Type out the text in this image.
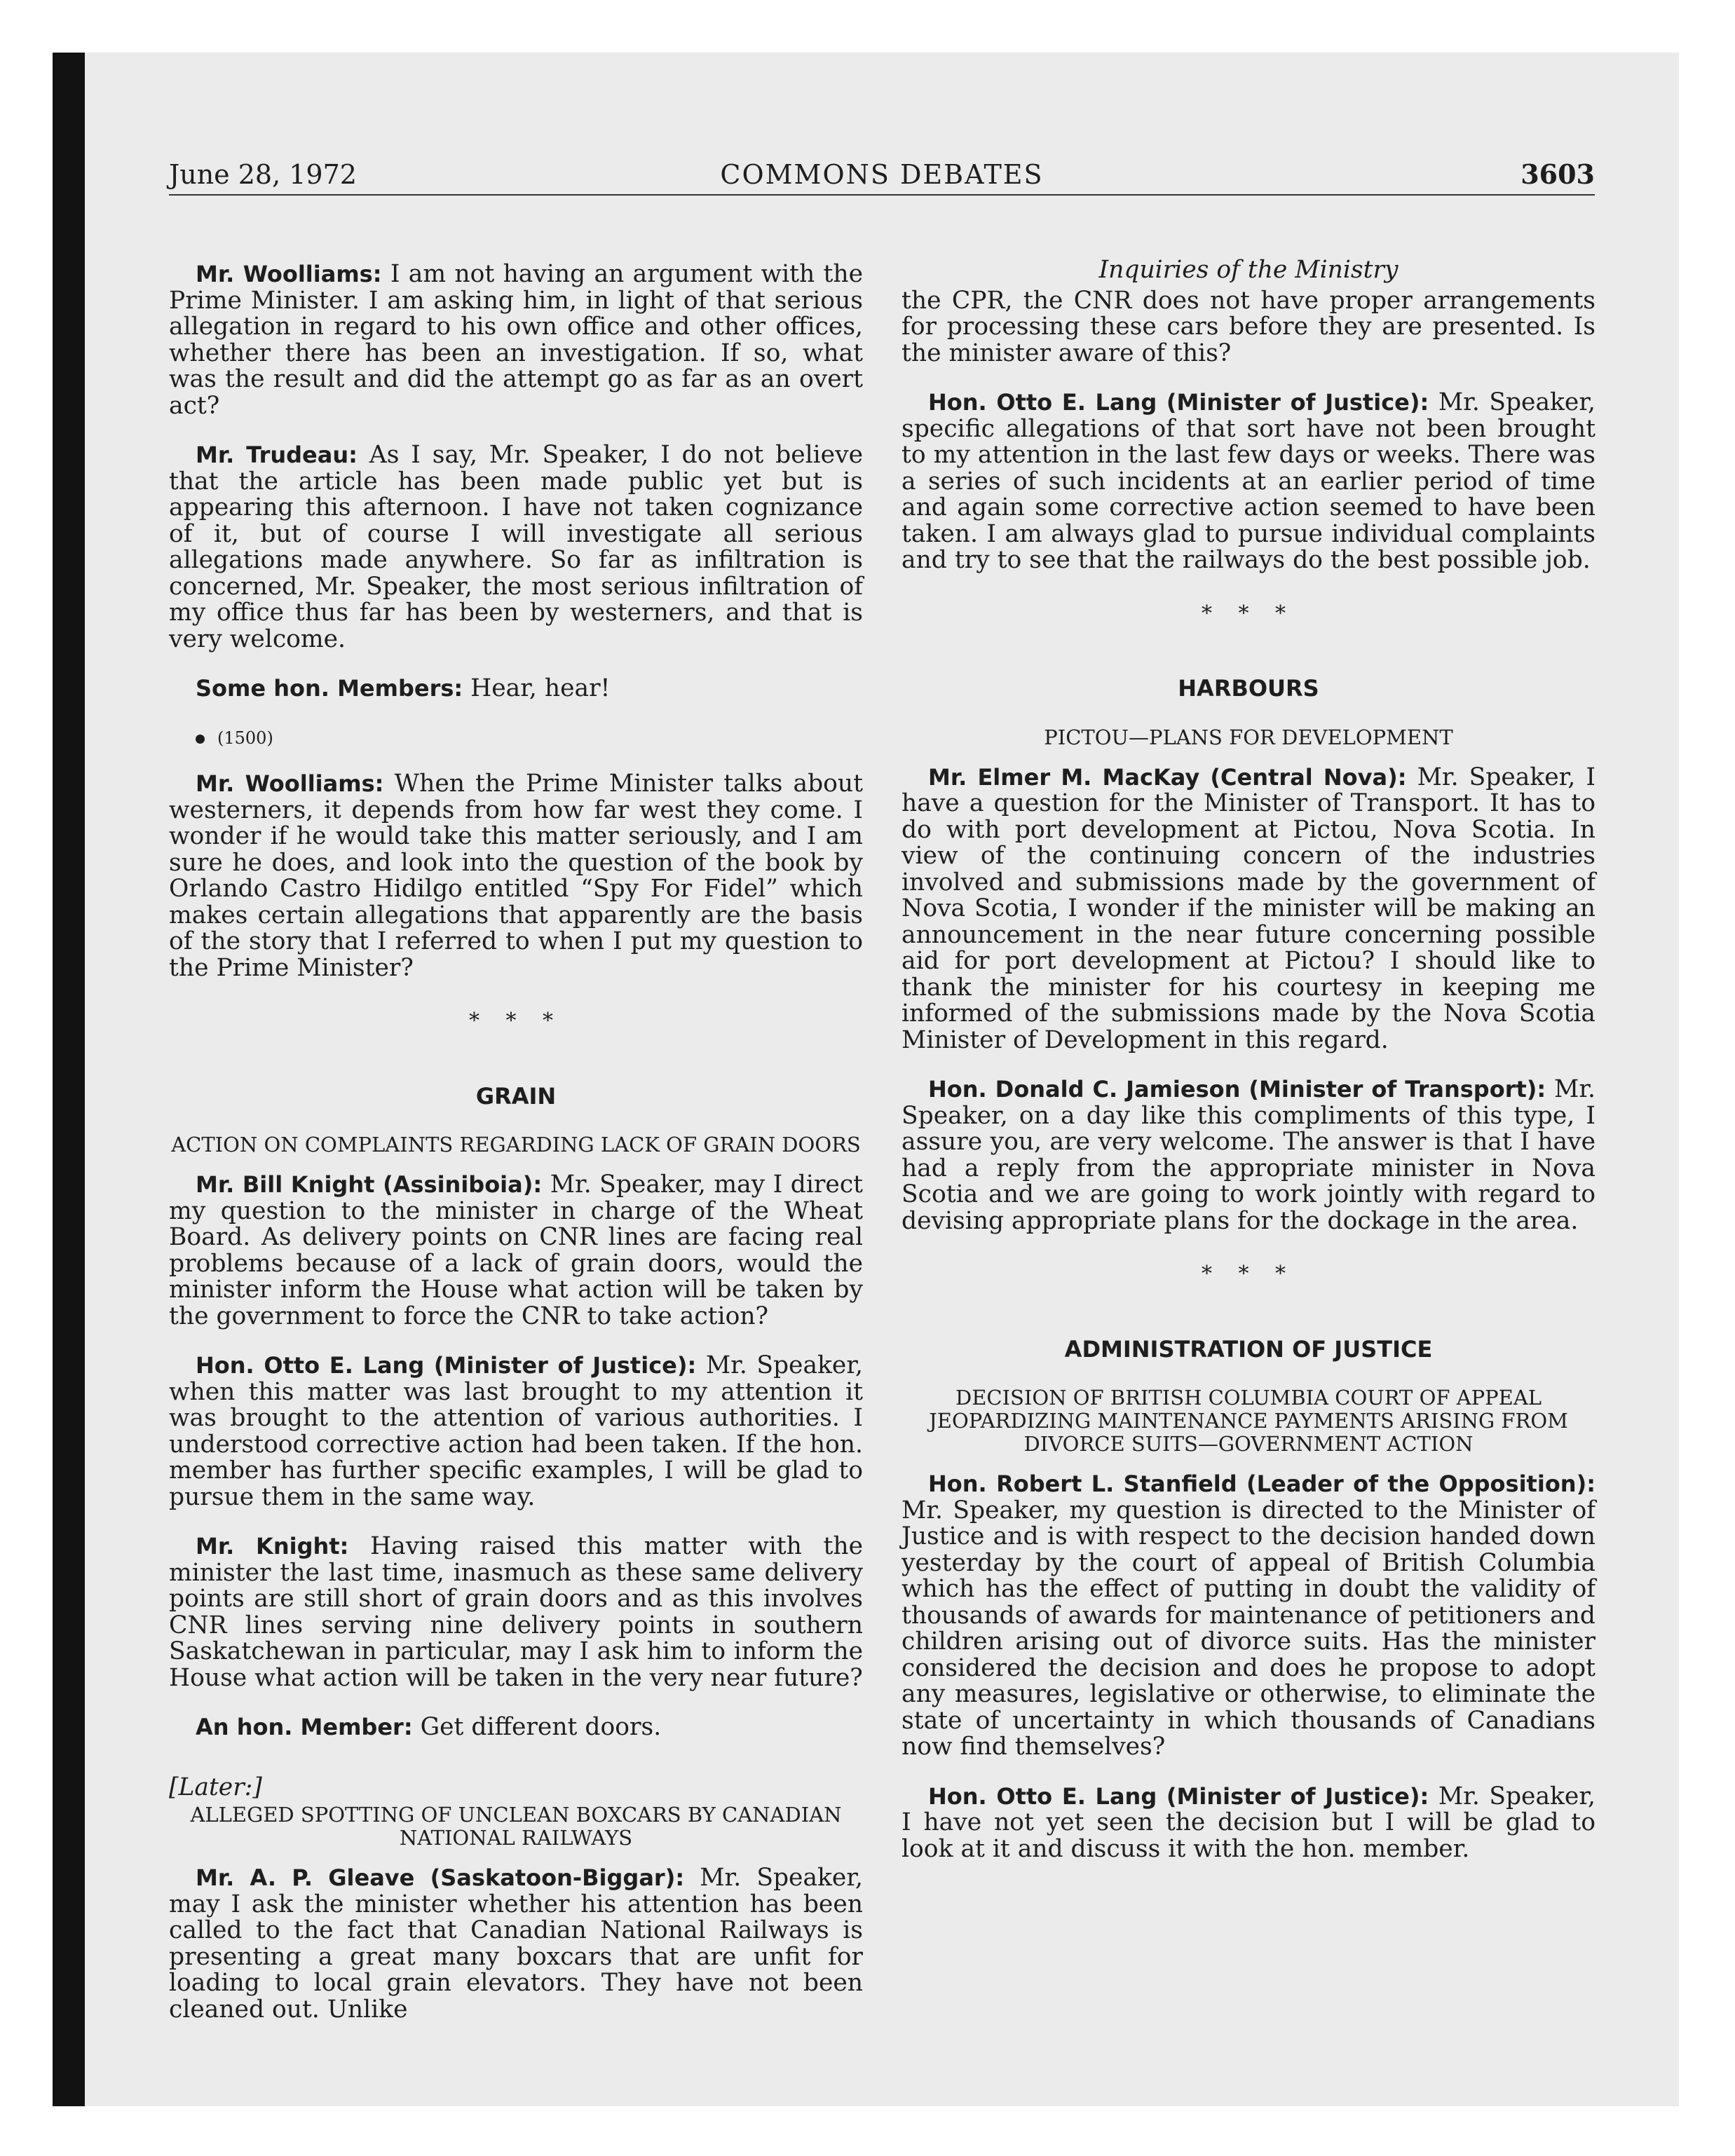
June 28, 1972	COMMONS DEBATES	3603

Mr. Woolliams: I am not having an argument with the Prime Minister. I am asking him, in light of that serious allegation in regard to his own office and other offices, whether there has been an investigation. If so, what was the result and did the attempt go as far as an overt act?

Mr. Trudeau: As I say, Mr. Speaker, I do not believe that the article has been made public yet but is appearing this afternoon. I have not taken cognizance of it, but of course I will investigate all serious allegations made anywhere. So far as infiltration is concerned, Mr. Speaker, the most serious infiltration of my office thus far has been by westerners, and that is very welcome.

Some hon. Members: Hear, hear!

(1500)

Mr. Woolliams: When the Prime Minister talks about westerners, it depends from how far west they come. I wonder if he would take this matter seriously, and I am sure he does, and look into the question of the book by Orlando Castro Hidilgo entitled “Spy For Fidel” which makes certain allegations that apparently are the basis of the story that I referred to when I put my question to the Prime Minister?

* * *
GRAIN
ACTION ON COMPLAINTS REGARDING LACK OF GRAIN DOORS

Mr. Bill Knight (Assiniboia): Mr. Speaker, may I direct my question to the minister in charge of the Wheat Board. As delivery points on CNR lines are facing real problems because of a lack of grain doors, would the minister inform the House what action will be taken by the government to force the CNR to take action?

Hon. Otto E. Lang (Minister of Justice): Mr. Speaker, when this matter was last brought to my attention it was brought to the attention of various authorities. I understood corrective action had been taken. If the hon. member has further specific examples, I will be glad to pursue them in the same way.

Mr. Knight: Having raised this matter with the minister the last time, inasmuch as these same delivery points are still short of grain doors and as this involves CNR lines serving nine delivery points in southern Saskatchewan in particular, may I ask him to inform the House what action will be taken in the very near future?

An hon. Member: Get different doors.

[Later:]

ALLEGED SPOTTING OF UNCLEAN BOXCARS BY CANADIAN NATIONAL RAILWAYS

Mr. A. P. Gleave (Saskatoon-Biggar): Mr. Speaker, may I ask the minister whether his attention has been called to the fact that Canadian National Railways is presenting a great many boxcars that are unfit for loading to local grain elevators. They have not been cleaned out. Unlike

Inquiries of the Ministry

the CPR, the CNR does not have proper arrangements for processing these cars before they are presented. Is the minister aware of this?

Hon. Otto E. Lang (Minister of Justice): Mr. Speaker, specific allegations of that sort have not been brought to my attention in the last few days or weeks. There was a series of such incidents at an earlier period of time and again some corrective action seemed to have been taken. I am always glad to pursue individual complaints and try to see that the railways do the best possible job.

* * *
HARBOURS
PICTOU—PLANS FOR DEVELOPMENT

Mr. Elmer M. MacKay (Central Nova): Mr. Speaker, I have a question for the Minister of Transport. It has to do with port development at Pictou, Nova Scotia. In view of the continuing concern of the industries involved and submissions made by the government of Nova Scotia, I wonder if the minister will be making an announcement in the near future concerning possible aid for port development at Pictou? I should like to thank the minister for his courtesy in keeping me informed of the submissions made by the Nova Scotia Minister of Development in this regard.

Hon. Donald C. Jamieson (Minister of Transport): Mr. Speaker, on a day like this compliments of this type, I assure you, are very welcome. The answer is that I have had a reply from the appropriate minister in Nova Scotia and we are going to work jointly with regard to devising appropriate plans for the dockage in the area.

* * *
ADMINISTRATION OF JUSTICE
DECISION OF BRITISH COLUMBIA COURT OF APPEAL JEOPARDIZING MAINTENANCE PAYMENTS ARISING FROM DIVORCE SUITS—GOVERNMENT ACTION

Hon. Robert L. Stanfield (Leader of the Opposition): Mr. Speaker, my question is directed to the Minister of Justice and is with respect to the decision handed down yesterday by the court of appeal of British Columbia which has the effect of putting in doubt the validity of thousands of awards for maintenance of petitioners and children arising out of divorce suits. Has the minister considered the decision and does he propose to adopt any measures, legislative or otherwise, to eliminate the state of uncertainty in which thousands of Canadians now find themselves?

Hon. Otto E. Lang (Minister of Justice): Mr. Speaker, I have not yet seen the decision but I will be glad to look at it and discuss it with the hon. member.
